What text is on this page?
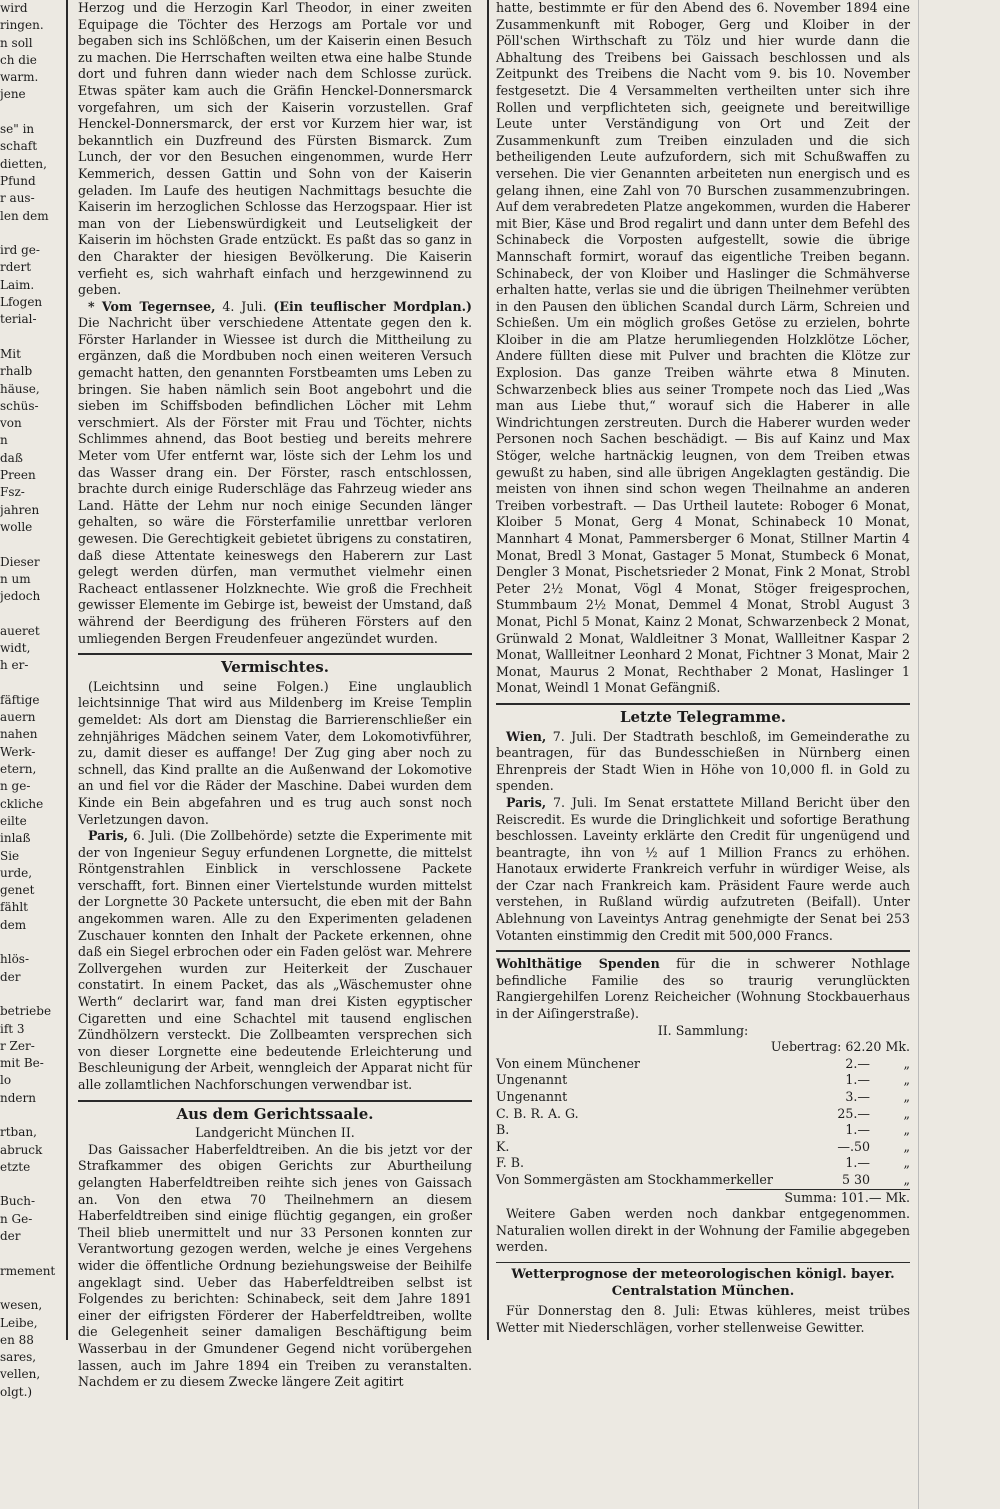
wird
ringen.
n soll
ch die
warm.
jene

se" in
schaft
dietten,
Pfund
r aus-
len dem

ird ge-
rdert
Laim.
Lfogen
terial-

Mit
rhalb
häuse,
schüs-
von
n
daß
Preen
Fsz-
jahren
wolle

Dieser
n um
jedoch

aueret
widt,
h er-

fäftige
auern
nahen
Werk-
etern,
n ge-
ckliche
eilte
inlaß
Sie
urde,
genet
fählt
dem

hlös-
der

betriebe
ift 3
r Zer-
mit Be-
lo
ndern

rtban,
abruck
etzte

Buch-
n Ge-
der

rmement

wesen,
Leibe,
en 88
sares,
vellen,
olgt.)

Herzog und die Herzogin Karl Theodor, in einer zweiten Equipage die Töchter des Herzogs am Portale vor und begaben sich ins Schlößchen, um der Kaiserin einen Besuch zu machen. Die Herrschaften weilten etwa eine halbe Stunde dort und fuhren dann wieder nach dem Schlosse zurück. Etwas später kam auch die Gräfin Henckel-Donnersmarck vorgefahren, um sich der Kaiserin vorzustellen. Graf Henckel-Donnersmarck, der erst vor Kurzem hier war, ist bekanntlich ein Duzfreund des Fürsten Bismarck. Zum Lunch, der vor den Besuchen eingenommen, wurde Herr Kemmerich, dessen Gattin und Sohn von der Kaiserin geladen. Im Laufe des heutigen Nachmittags besuchte die Kaiserin im herzoglichen Schlosse das Herzogspaar. Hier ist man von der Liebenswürdigkeit und Leutseligkeit der Kaiserin im höchsten Grade entzückt. Es paßt das so ganz in den Charakter der hiesigen Bevölkerung. Die Kaiserin verfieht es, sich wahrhaft einfach und herzgewinnend zu geben.

* Vom Tegernsee, 4. Juli. (Ein teuflischer Mordplan.) Die Nachricht über verschiedene Attentate gegen den k. Förster Harlander in Wiessee ist durch die Mittheilung zu ergänzen, daß die Mordbuben noch einen weiteren Versuch gemacht hatten, den genannten Forstbeamten ums Leben zu bringen. Sie haben nämlich sein Boot angebohrt und die sieben im Schiffsboden befindlichen Löcher mit Lehm verschmiert. Als der Förster mit Frau und Töchter, nichts Schlimmes ahnend, das Boot bestieg und bereits mehrere Meter vom Ufer entfernt war, löste sich der Lehm los und das Wasser drang ein. Der Förster, rasch entschlossen, brachte durch einige Ruderschläge das Fahrzeug wieder ans Land. Hätte der Lehm nur noch einige Secunden länger gehalten, so wäre die Försterfamilie unrettbar verloren gewesen. Die Gerechtigkeit gebietet übrigens zu constatiren, daß diese Attentate keineswegs den Haberern zur Last gelegt werden dürfen, man vermuthet vielmehr einen Racheact entlassener Holzknechte. Wie groß die Frechheit gewisser Elemente im Gebirge ist, beweist der Umstand, daß während der Beerdigung des früheren Försters auf den umliegenden Bergen Freudenfeuer angezündet wurden.

Vermischtes.

(Leichtsinn und seine Folgen.) Eine unglaublich leichtsinnige That wird aus Mildenberg im Kreise Templin gemeldet: Als dort am Dienstag die Barrierenschließer ein zehnjähriges Mädchen seinem Vater, dem Lokomotivführer, zu, damit dieser es auffange! Der Zug ging aber noch zu schnell, das Kind prallte an die Außenwand der Lokomotive an und fiel vor die Räder der Maschine. Dabei wurden dem Kinde ein Bein abgefahren und es trug auch sonst noch Verletzungen davon.

Paris, 6. Juli. (Die Zollbehörde) setzte die Experimente mit der von Ingenieur Seguy erfundenen Lorgnette, die mittelst Röntgenstrahlen Einblick in verschlossene Packete verschafft, fort. Binnen einer Viertelstunde wurden mittelst der Lorgnette 30 Packete untersucht, die eben mit der Bahn angekommen waren. Alle zu den Experimenten geladenen Zuschauer konnten den Inhalt der Packete erkennen, ohne daß ein Siegel erbrochen oder ein Faden gelöst war. Mehrere Zollvergehen wurden zur Heiterkeit der Zuschauer constatirt. In einem Packet, das als „Wäschemuster ohne Werth“ declarirt war, fand man drei Kisten egyptischer Cigaretten und eine Schachtel mit tausend englischen Zündhölzern versteckt. Die Zollbeamten versprechen sich von dieser Lorgnette eine bedeutende Erleichterung und Beschleunigung der Arbeit, wenngleich der Apparat nicht für alle zollamtlichen Nachforschungen verwendbar ist.

Aus dem Gerichtssaale.
Landgericht München II.

Das Gaissacher Haberfeldtreiben. An die bis jetzt vor der Strafkammer des obigen Gerichts zur Aburtheilung gelangten Haberfeldtreiben reihte sich jenes von Gaissach an. Von den etwa 70 Theilnehmern an diesem Haberfeldtreiben sind einige flüchtig gegangen, ein großer Theil blieb unermittelt und nur 33 Personen konnten zur Verantwortung gezogen werden, welche je eines Vergehens wider die öffentliche Ordnung beziehungsweise der Beihilfe angeklagt sind. Ueber das Haberfeldtreiben selbst ist Folgendes zu berichten: Schinabeck, seit dem Jahre 1891 einer der eifrigsten Förderer der Haberfeldtreiben, wollte die Gelegenheit seiner damaligen Beschäftigung beim Wasserbau in der Gmundener Gegend nicht vorübergehen lassen, auch im Jahre 1894 ein Treiben zu veranstalten. Nachdem er zu diesem Zwecke längere Zeit agitirt

hatte, bestimmte er für den Abend des 6. November 1894 eine Zusammenkunft mit Roboger, Gerg und Kloiber in der Pöll'schen Wirthschaft zu Tölz und hier wurde dann die Abhaltung des Treibens bei Gaissach beschlossen und als Zeitpunkt des Treibens die Nacht vom 9. bis 10. November festgesetzt. Die 4 Versammelten vertheilten unter sich ihre Rollen und verpflichteten sich, geeignete und bereitwillige Leute unter Verständigung von Ort und Zeit der Zusammenkunft zum Treiben einzuladen und die sich betheiligenden Leute aufzufordern, sich mit Schußwaffen zu versehen. Die vier Genannten arbeiteten nun energisch und es gelang ihnen, eine Zahl von 70 Burschen zusammenzubringen. Auf dem verabredeten Platze angekommen, wurden die Haberer mit Bier, Käse und Brod regalirt und dann unter dem Befehl des Schinabeck die Vorposten aufgestellt, sowie die übrige Mannschaft formirt, worauf das eigentliche Treiben begann. Schinabeck, der von Kloiber und Haslinger die Schmähverse erhalten hatte, verlas sie und die übrigen Theilnehmer verübten in den Pausen den üblichen Scandal durch Lärm, Schreien und Schießen. Um ein möglich großes Getöse zu erzielen, bohrte Kloiber in die am Platze herumliegenden Holzklötze Löcher, Andere füllten diese mit Pulver und brachten die Klötze zur Explosion. Das ganze Treiben währte etwa 8 Minuten. Schwarzenbeck blies aus seiner Trompete noch das Lied „Was man aus Liebe thut,“ worauf sich die Haberer in alle Windrichtungen zerstreuten. Durch die Haberer wurden weder Personen noch Sachen beschädigt. — Bis auf Kainz und Max Stöger, welche hartnäckig leugnen, von dem Treiben etwas gewußt zu haben, sind alle übrigen Angeklagten geständig. Die meisten von ihnen sind schon wegen Theilnahme an anderen Treiben vorbestraft. — Das Urtheil lautete: Roboger 6 Monat, Kloiber 5 Monat, Gerg 4 Monat, Schinabeck 10 Monat, Mannhart 4 Monat, Pammersberger 6 Monat, Stillner Martin 4 Monat, Bredl 3 Monat, Gastager 5 Monat, Stumbeck 6 Monat, Dengler 3 Monat, Pischetsrieder 2 Monat, Fink 2 Monat, Strobl Peter 2½ Monat, Vögl 4 Monat, Stöger freigesprochen, Stummbaum 2½ Monat, Demmel 4 Monat, Strobl August 3 Monat, Pichl 5 Monat, Kainz 2 Monat, Schwarzenbeck 2 Monat, Grünwald 2 Monat, Waldleitner 3 Monat, Wallleitner Kaspar 2 Monat, Wallleitner Leonhard 2 Monat, Fichtner 3 Monat, Mair 2 Monat, Maurus 2 Monat, Rechthaber 2 Monat, Haslinger 1 Monat, Weindl 1 Monat Gefängniß.

Letzte Telegramme.

Wien, 7. Juli. Der Stadtrath beschloß, im Gemeinderathe zu beantragen, für das Bundesschießen in Nürnberg einen Ehrenpreis der Stadt Wien in Höhe von 10,000 fl. in Gold zu spenden.

Paris, 7. Juli. Im Senat erstattete Milland Bericht über den Reiscredit. Es wurde die Dringlichkeit und sofortige Berathung beschlossen. Laveinty erklärte den Credit für ungenügend und beantragte, ihn von ½ auf 1 Million Francs zu erhöhen. Hanotaux erwiderte Frankreich verfuhr in würdiger Weise, als der Czar nach Frankreich kam. Präsident Faure werde auch verstehen, in Rußland würdig aufzutreten (Beifall). Unter Ablehnung von Laveintys Antrag genehmigte der Senat bei 253 Votanten einstimmig den Credit mit 500,000 Francs.

Wohlthätige Spenden für die in schwerer Nothlage befindliche Familie des so traurig verunglückten Rangiergehilfen Lorenz Reicheicher (Wohnung Stockbauerhaus in der Aiſingerstraße).

II. Sammlung:
Uebertrag: 62.20 Mk.
Von einem Münchener	2.—	„
Ungenannt	1.—	„
Ungenannt	3.—	„
C. B. R. A. G.	25.—	„
B.	1.—	„
K.	—.50	„
F. B.	1.—	„
Von Sommergästen am Stockhammerkeller	5 30	„
Summa: 101.— Mk.

Weitere Gaben werden noch dankbar entgegenommen. Naturalien wollen direkt in der Wohnung der Familie abgegeben werden.

Wetterprognose der meteorologischen königl. bayer. Centralstation München.

Für Donnerstag den 8. Juli: Etwas kühleres, meist trübes Wetter mit Niederschlägen, vorher stellenweise Gewitter.
